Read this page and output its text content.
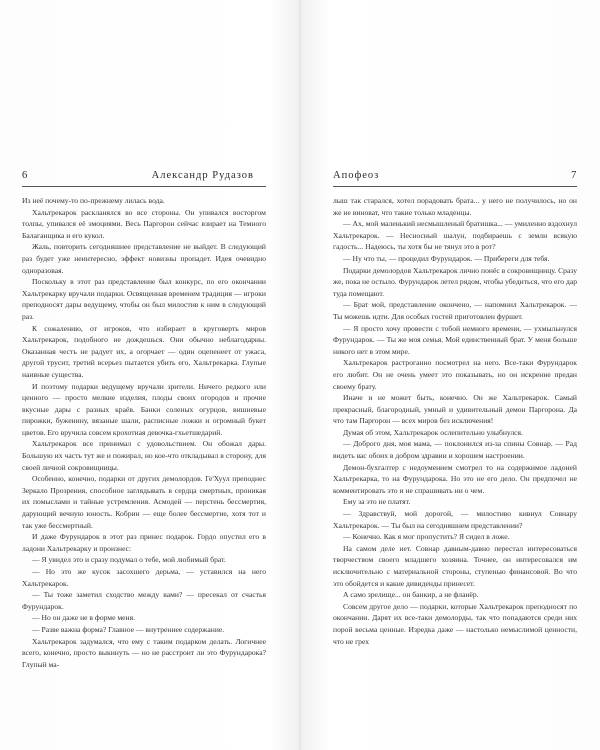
6	Александр Рудазов

Из неё почему-то по-прежнему лилась вода.

Хальтрекарок раскланялся во все стороны. Он упивался восторгом толпы, упивался её эмоциями. Весь Паргорон сейчас взирает на Темного Балаганщика и его кукол.

Жаль, повторить сегодняшнее представление не выйдет. В следующий раз будет уже неинтересно, эффект новизны пропадет. Идея очевидно одноразовая.

Поскольку в этот раз представление был конкурс, по его окончании Хальтрекарку вручали подарки. Освященная временем традиция — игроки преподносят дары ведущему, чтобы он был милостив к ним в следующий раз.

К сожалению, от игроков, что избирает в круговерть миров Хальтрекарок, подобного не дождешься. Они обычно неблагодарны. Оказанная честь не радует их, а огорчает — один оцепенеет от ужаса, другой трусит, третий всерьез пытается убить его, Хальтрекарка. Глупые наивные существа.

И поэтому подарки ведущему вручали зрители. Ничего редкого или ценного — просто мелкие изделия, плоды своих огородов и прочие вкусные дары с разных краёв. Банки соленых огурцов, вишневые пирожки, буженину, вязаные шали, расписные ложки и огромный букет цветов. Его вручила совсем крохотная девочка-гхьетшедарий.

Хальтрекарок все принимал с удовольствием. Он обожал дары. Большую их часть тут же и пожирал, но кое-что откладывал в сторону, для своей личной сокровищницы.

Особенно, конечно, подарки от других демолордов. Ге'Хуул преподнес Зеркало Прозрения, способное заглядывать в сердца смертных, проникая их помыслами и тайные устремления. Асмодей — перстень бессмертия, дарующий вечную юность. Кобрин — еще более бессмертие, хотя тот и так уже бессмертный.

И даже Фурундарок в этот раз принес подарок. Гордо опустил его в ладони Хальтрекарку и произнес:

— Я увидел это и сразу подумал о тебе, мой любимый брат.

— Но это же кусок засохшего дерьма, — уставился на него Хальтрекарок.

— Ты тоже заметил сходство между вами? — пресекал от счастья Фурундарок.

— Но он даже не в форме меня.

— Разве важна форма? Главное — внутреннее содержание.

Хальтрекарок задумался, что ему с таким подарком делать. Логичнее всего, конечно, просто выкинуть — но не расстроит ли это Фурундарока? Глупый ма-

Апофеоз	7

лыш так старался, хотел порадовать брата... у него не получилось, но он же не виноват, что такие только младенцы.

— Ах, мой маленький несмышленый братишка... — умиленно вздохнул Хальтрекарок. — Несносный шалун, подбираешь с земли всякую гадость... Надеюсь, ты хотя бы не тянул это в рот?

— Ну что ты, — процедил Фурундарок. — Прибереги для тебя.

Подарки демолордов Хальтрекарок лично понёс в сокровищницу. Сразу же, пока не остыло. Фурундарок летел рядом, чтобы убедиться, что его дар туда помещают.

— Брат мой, представление окончено, — напомнил Хальтрекарок. — Ты можешь идти. Для особых гостей приготовлен фуршет.

— Я просто хочу провести с тобой немного времени, — ухмыльнулся Фурундарок. — Ты же моя семья. Мой единственный брат. У меня больше никого нет в этом мире.

Хальтрекарок растроганно посмотрел на него. Все-таки Фурундарок его любит. Он не очень умеет это показывать, но он искренне предан своему брату.

Иначе и не может быть, конечно. Он же Хальтрекарок. Самый прекрасный, благородный, умный и удивительный демон Паргорона. Да что там Паргорон — всех миров без исключения!

Думая об этом, Хальтрекарок ослепительно улыбнулся.

— Доброго дня, моя мама, — поклонился из-за спины Совнар. — Рад видеть вас обоих в добром здравии и хорошем настроении.

Демон-бухгалтер с недоумением смотрел то на содержимое ладоней Хальтрекарка, то на Фурундарока. Но это не его дело. Он предпочел не комментировать это и не спрашивать ни о чем.

Ему за это не платят.

— Здравствуй, мой дорогой, — милостиво кивнул Совнару Хальтрекарок. — Ты был на сегодняшнем представлении?

— Конечно. Как я мог пропустить? Я сидел в ложе.

На самом деле нет. Совнар давным-давно перестал интересоваться творчеством своего младшего хозяина. Точнее, он интересовался им исключительно с материальной стороны, ступенью финансовой. Во что это обойдется и какие дивиденды принесет.

А само зрелище... он банкир, а не фланёр.

Совсем другое дело — подарки, которые Хальтрекарок преподносят по окончании. Дарят их все-таки демолорды, так что попадаются среди них порой весьма ценные. Изредка даже — настолько немыслимой ценности, что не грех
